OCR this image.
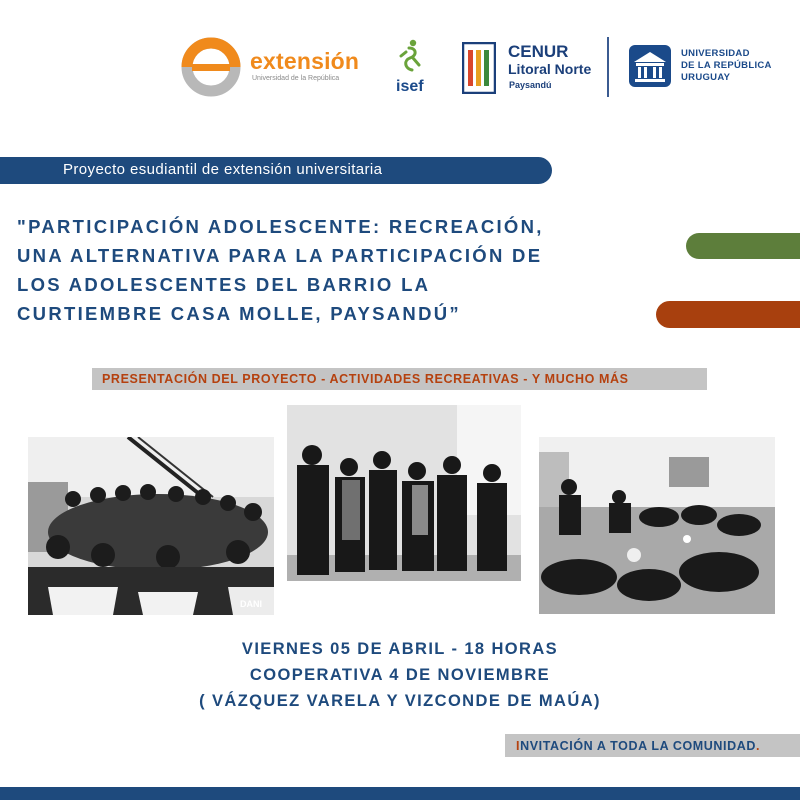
extensión
Universidad de la República	isef
CENUR
Litoral Norte
Paysandú
UNIVERSIDAD
DE LA REPÚBLICA
URUGUAY
Proyecto esudiantil de extensión universitaria
"PARTICIPACIÓN ADOLESCENTE: RECREACIÓN,
UNA ALTERNATIVA PARA LA PARTICIPACIÓN DE
LOS ADOLESCENTES DEL BARRIO LA
CURTIEMBRE CASA MOLLE, PAYSANDÚ”
PRESENTACIÓN DEL PROYECTO - ACTIVIDADES RECREATIVAS - Y MUCHO MÁS
DANI
VIERNES 05 DE ABRIL - 18 HORAS
COOPERATIVA 4 DE NOVIEMBRE
( VÁZQUEZ VARELA Y VIZCONDE DE MAÚA)
INVITACIÓN A TODA LA COMUNIDAD.
